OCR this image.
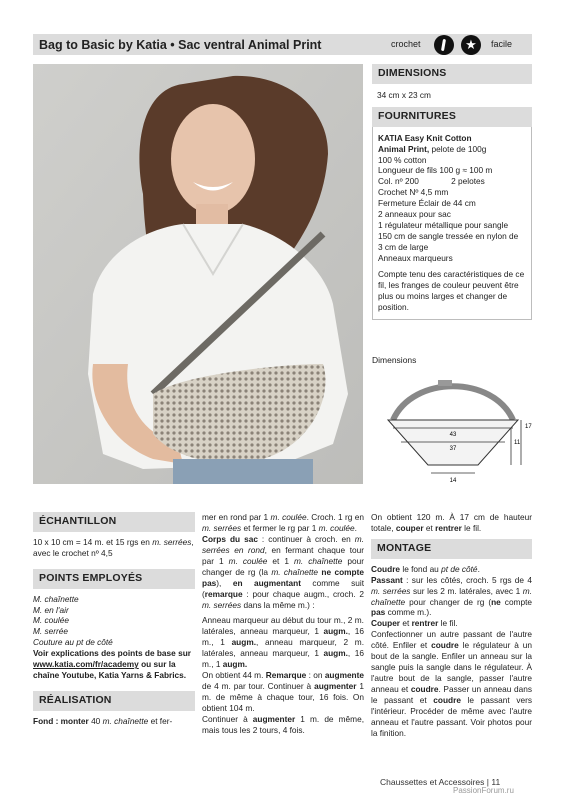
Bag to Basic by Katia • Sac ventral Animal Print	crochet	★	facile
DIMENSIONS
34 cm x 23 cm
FOURNITURES
KATIA Easy Knit Cotton
Animal Print, pelote de 100g
100 % cotton
Longueur de fils 100 g ≈ 100 m
Col. nº 200              2 pelotes
Crochet Nº 4,5 mm
Fermeture Éclair de 44 cm
2 anneaux pour sac
1 régulateur métallique pour sangle
150 cm de sangle tressée en nylon de 3 cm de large
Anneaux marqueurs
Compte tenu des caractéristiques de ce fil, les franges de couleur peuvent être plus ou moins larges et changer de position.
Dimensions
43
37
14
17
11
ÉCHANTILLON

10 x 10 cm = 14 m. et 15 rgs en m. serrées, avec le crochet nº 4,5

POINTS EMPLOYÉS

M. chaînette

M. en l'air

M. coulée

M. serrée

Couture au pt de côté

Voir explications des points de base sur www.katia.com/fr/academy ou sur la chaîne Youtube, Katia Yarns & Fabrics.

RÉALISATION

Fond : monter 40 m. chaînette et fer-

mer en rond par 1 m. coulée. Croch. 1 rg en m. serrées et fermer le rg par 1 m. coulée.

Corps du sac : continuer à croch. en m. serrées en rond, en fermant chaque tour par 1 m. coulée et 1 m. chaînette pour changer de rg (la m. chaînette ne compte pas), en augmentant comme suit (remarque : pour chaque augm., croch. 2 m. serrées dans la même m.) :

Anneau marqueur au début du tour m., 2 m. latérales, anneau marqueur, 1 augm., 16 m., 1 augm., anneau marqueur, 2 m. latérales, anneau marqueur, 1 augm., 16 m., 1 augm.

On obtient 44 m. Remarque : on augmente de 4 m. par tour. Continuer à augmenter 1 m. de même à chaque tour, 16 fois. On obtient 104 m.

Continuer à augmenter 1 m. de même, mais tous les 2 tours, 4 fois.

On obtient 120 m. À 17 cm de hauteur totale, couper et rentrer le fil.

MONTAGE

Coudre le fond au pt de côté.

Passant : sur les côtés, croch. 5 rgs de 4 m. serrées sur les 2 m. latérales, avec 1 m. chaînette pour changer de rg (ne compte pas comme m.).

Couper et rentrer le fil.

Confectionner un autre passant de l'autre côté. Enfiler et coudre le régulateur à un bout de la sangle. Enfiler un anneau sur la sangle puis la sangle dans le régulateur. À l'autre bout de la sangle, passer l'autre anneau et coudre. Passer un anneau dans le passant et coudre le passant vers l'intérieur. Procéder de même avec l'autre anneau et l'autre passant. Voir photos pour la finition.

Chaussettes et Accessoires | 11
PassionForum.ru
